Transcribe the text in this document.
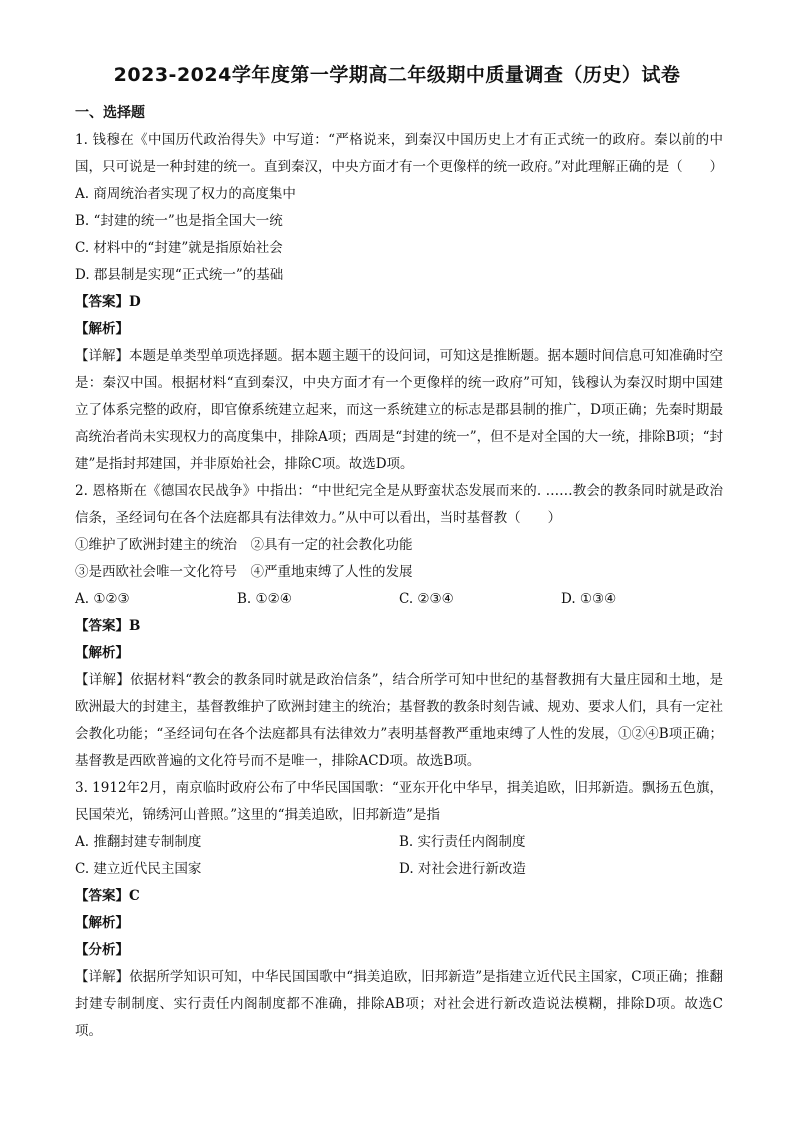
2023-2024学年度第一学期高二年级期中质量调查（历史）试卷
一、选择题

1. 钱穆在《中国历代政治得失》中写道：“严格说来，到秦汉中国历史上才有正式统一的政府。秦以前的中国，只可说是一种封建的统一。直到秦汉，中央方面才有一个更像样的统一政府。”对此理解正确的是（　　）

A. 商周统治者实现了权力的高度集中
B. “封建的统一”也是指全国大一统
C. 材料中的“封建”就是指原始社会
D. 郡县制是实现“正式统一”的基础
【答案】D
【解析】

【详解】本题是单类型单项选择题。据本题主题干的设问词，可知这是推断题。据本题时间信息可知准确时空是：秦汉中国。根据材料“直到秦汉，中央方面才有一个更像样的统一政府”可知，钱穆认为秦汉时期中国建立了体系完整的政府，即官僚系统建立起来，而这一系统建立的标志是郡县制的推广，D项正确；先秦时期最高统治者尚未实现权力的高度集中，排除A项；西周是“封建的统一”，但不是对全国的大一统，排除B项；“封建”是指封邦建国，并非原始社会，排除C项。故选D项。

2. 恩格斯在《德国农民战争》中指出：“中世纪完全是从野蛮状态发展而来的. ……教会的教条同时就是政治信条，圣经词句在各个法庭都具有法律效力。”从中可以看出，当时基督教（　　）

①维护了欧洲封建主的统治　②具有一定的社会教化功能
③是西欧社会唯一文化符号　④严重地束缚了人性的发展
A. ①②③	B. ①②④	C. ②③④	D. ①③④
【答案】B
【解析】

【详解】依据材料“教会的教条同时就是政治信条”，结合所学可知中世纪的基督教拥有大量庄园和土地，是欧洲最大的封建主，基督教维护了欧洲封建主的统治；基督教的教条时刻告诫、规劝、要求人们，具有一定社会教化功能；“圣经词句在各个法庭都具有法律效力”表明基督教严重地束缚了人性的发展，①②④B项正确；基督教是西欧普遍的文化符号而不是唯一，排除ACD项。故选B项。

3. 1912年2月，南京临时政府公布了中华民国国歌：“亚东开化中华早，揖美追欧，旧邦新造。飘扬五色旗，民国荣光，锦绣河山普照。”这里的“揖美追欧，旧邦新造”是指

A. 推翻封建专制制度	B. 实行责任内阁制度
C. 建立近代民主国家	D. 对社会进行新改造
【答案】C
【解析】
【分析】

【详解】依据所学知识可知，中华民国国歌中“揖美追欧，旧邦新造”是指建立近代民主国家，C项正确；推翻封建专制制度、实行责任内阁制度都不准确，排除AB项；对社会进行新改造说法模糊，排除D项。故选C项。
